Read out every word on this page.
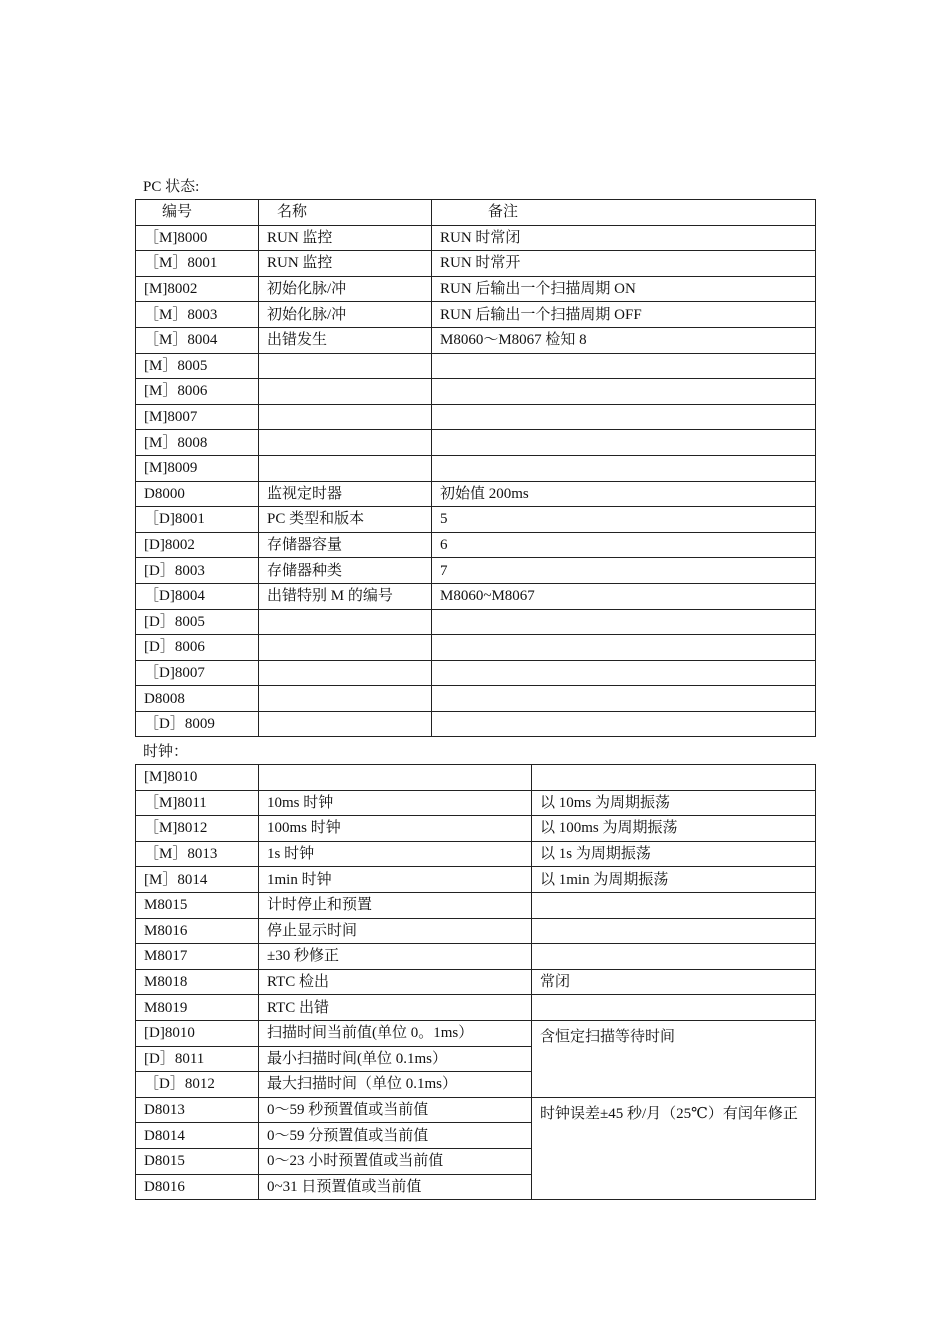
PC 状态:
编号	名称	备注
［M]8000	RUN 监控	RUN 时常闭
［M］8001	RUN 监控	RUN 时常开
[M]8002	初始化脉/冲	RUN 后输出一个扫描周期 ON
［M］8003	初始化脉/冲	RUN 后输出一个扫描周期 OFF
［M］8004	出错发生	M8060～M8067 检知 8
[M］8005		
[M］8006		
[M]8007		
[M］8008		
[M]8009		
D8000	监视定时器	初始值 200ms
［D]8001	PC 类型和版本	5
[D]8002	存储器容量	6
[D］8003	存储器种类	7
［D]8004	出错特别 M 的编号	M8060~M8067
[D］8005		
[D］8006		
［D]8007		
D8008		
［D］8009		
时钟：
[M]8010		
［M]8011	10ms 时钟	以 10ms 为周期振荡
［M]8012	100ms 时钟	以 100ms 为周期振荡
［M］8013	1s 时钟	以 1s 为周期振荡
[M］8014	1min 时钟	以 1min 为周期振荡
M8015	计时停止和预置	
M8016	停止显示时间	
M8017	±30 秒修正	
M8018	RTC 检出	常闭
M8019	RTC 出错	
[D]8010	扫描时间当前值(单位 0。1ms）	含恒定扫描等待时间
[D］8011	最小扫描时间(单位 0.1ms）	
［D］8012	最大扫描时间（单位 0.1ms）	
D8013	0～59 秒预置值或当前值	时钟误差±45 秒/月（25℃）有闰年修正
D8014	0～59 分预置值或当前值	
D8015	0～23 小时预置值或当前值	
D8016	0~31 日预置值或当前值	
